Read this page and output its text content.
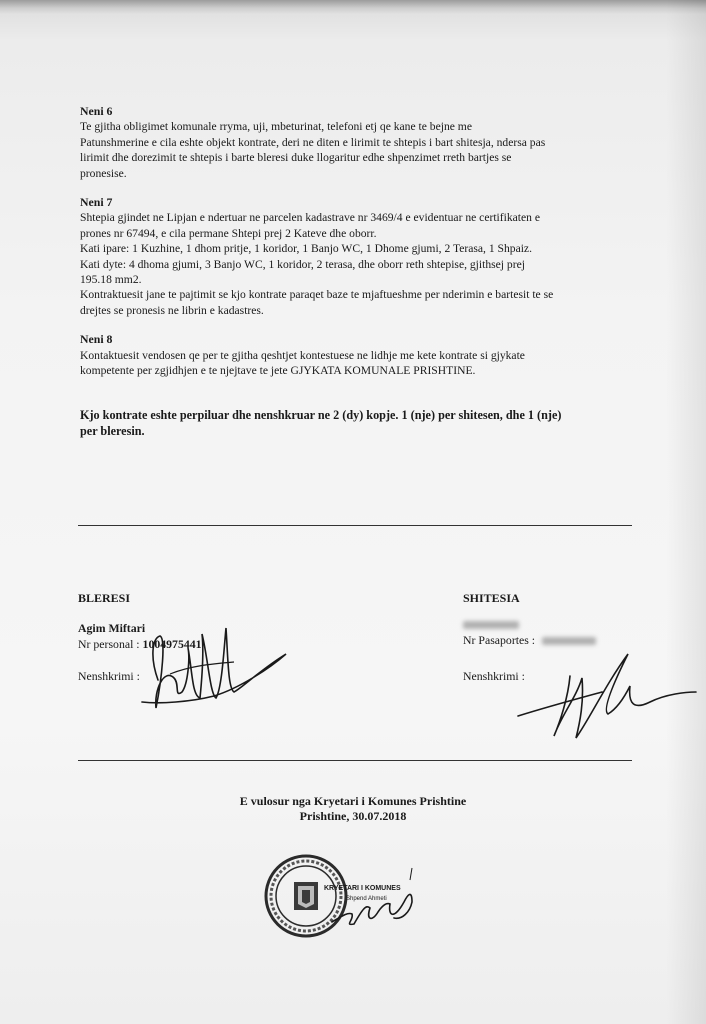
Neni 6

Te gjitha obligimet komunale rryma, uji, mbeturinat, telefoni etj qe kane te bejne me

Patunshmerine e cila eshte objekt kontrate, deri ne diten e lirimit te shtepis i bart shitesja, ndersa pas

lirimit dhe dorezimit te shtepis i barte bleresi duke llogaritur edhe shpenzimet rreth bartjes se

pronesise.

Neni 7

Shtepia gjindet ne Lipjan e ndertuar ne parcelen kadastrave nr 3469/4 e evidentuar ne certifikaten e

prones nr 67494, e cila permane Shtepi prej 2 Kateve dhe oborr.

Kati ipare: 1 Kuzhine, 1 dhom pritje, 1 koridor, 1 Banjo WC, 1 Dhome gjumi, 2 Terasa, 1 Shpaiz.

Kati dyte: 4 dhoma gjumi, 3 Banjo WC, 1 koridor, 2 terasa, dhe oborr reth shtepise, gjithsej prej

195.18 mm2.

Kontraktuesit jane te pajtimit se kjo kontrate paraqet baze te mjaftueshme per nderimin e bartesit te se

drejtes se pronesis ne librin e kadastres.

Neni 8

Kontaktuesit vendosen qe per te gjitha qeshtjet kontestuese ne lidhje me kete kontrate si gjykate

kompetente per zgjidhjen e te njejtave te jete GJYKATA KOMUNALE PRISHTINE.

Kjo kontrate eshte perpiluar dhe nenshkruar ne 2 (dy) kopje. 1 (nje) per shitesen, dhe 1 (nje)
per bleresin.
BLERESI
Agim Miftari
Nr personal : 1004975441
Nenshkrimi :
SHITESIA
Nr Pasaportes :
Nenshkrimi :
E vulosur nga Kryetari i Komunes Prishtine
Prishtine, 30.07.2018
KRYETARI I KOMUNES
Shpend Ahmeti
